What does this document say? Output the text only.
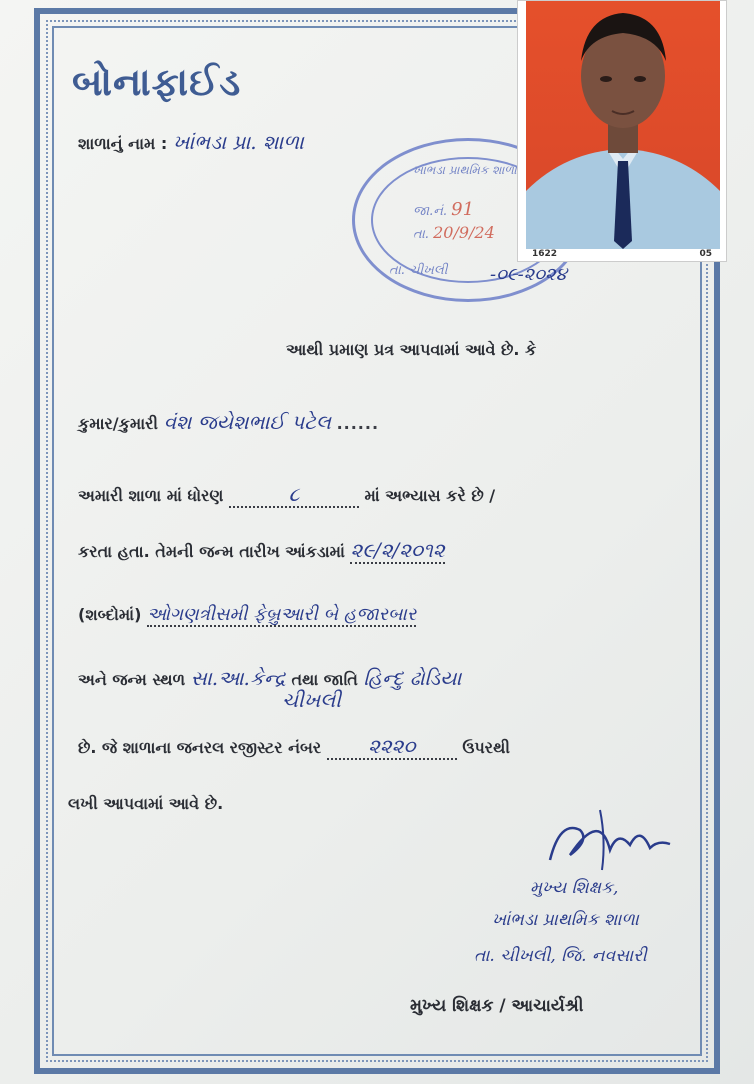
બોનાફાઈડ
શાળાનું નામ : ખાંભડા પ્રા. શાળા
ખાંભડા પ્રાથમિક શાળા
જા.નં. 91
તા. 20/9/24
તા. ચીખલી -૦૯-૨૦૨૪
1622	05
આથી પ્રમાણ પ્રત્ર આપવામાં આવે છે. કે
કુમાર/કુમારી વંશ જયેશભાઈ પટેલ ......
અમારી શાળા માં ધોરણ	૮	માં અભ્યાસ કરે છે /
કરતા હતા. તેમની જન્મ તારીખ આંકડામાં ૨૯/૨/૨૦૧૨
(શબ્દોમાં) ઓગણત્રીસમી ફેબ્રુઆરી બે હજારબાર
અને જન્મ સ્થળ સા.આ.કેન્દ્ર તથા જાતિ હિન્દુ ઢોડિયા
ચીખલી
છે. જે શાળાના જનરલ રજીસ્ટર નંબર ૨૨૨૦	ઉપરથી
લખી આપવામાં આવે છે.
મુખ્ય શિક્ષક,
ખાંભડા પ્રાથમિક શાળા
તા. ચીખલી, જિ. નવસારી
મુખ્ય શિક્ષક / આચાર્યશ્રી
